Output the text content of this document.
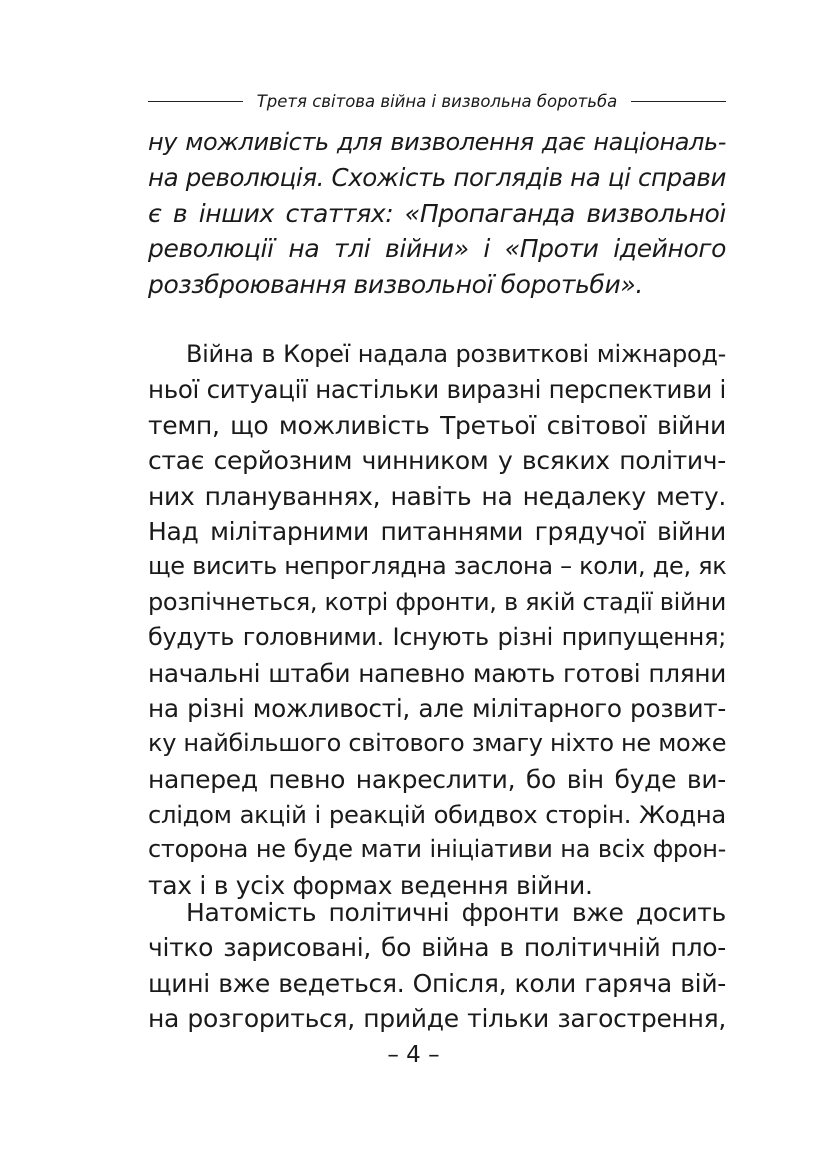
Третя світова війна і визвольна боротьба
ну можливість для визволення дає національ-
на революція. Схожість поглядів на ці справи
є в інших статтях: «Пропаганда визвольної
революції на тлі війни» і «Проти ідейного
роззброювання визвольної боротьби».
Війна в Кореї надала розвиткові міжнарод-
ньої ситуації настільки виразні перспективи і
темп, що можливість Третьої світової війни
стає серйозним чинником у всяких політич-
них плануваннях, навіть на недалеку мету.
Над мілітарними питаннями грядучої війни
ще висить непроглядна заслона – коли, де, як
розпічнеться, котрі фронти, в якій стадії війни
будуть головними. Існують різні припущення;
начальні штаби напевно мають готові пляни
на різні можливості, але мілітарного розвит-
ку найбільшого світового змагу ніхто не може
наперед певно накреслити, бо він буде ви-
слідом акцій і реакцій обидвох сторін. Жодна
сторона не буде мати ініціативи на всіх фрон-
тах і в усіх формах ведення війни.
Натомість політичні фронти вже досить
чітко зарисовані, бо війна в політичній пло-
щині вже ведеться. Опісля, коли гаряча вій-
на розгориться, прийде тільки загострення,
– 4 –
